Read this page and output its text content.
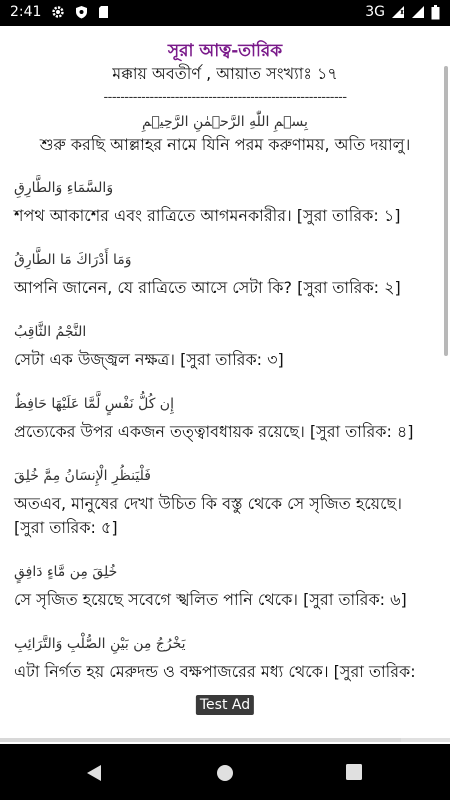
2:41	3G
সূরা আত্ব-তারিক
মক্কায় অবতীর্ণ , আয়াত সংখ্যাঃ ১৭
----------------------------------------------------------
بِسۡمِ اللّٰهِ الرَّحۡمٰنِ الرَّحِیۡمِ
শুরু করছি আল্লাহর নামে যিনি পরম করুণাময়, অতি দয়ালু।
وَالسَّمَاءِ وَالطَّارِقِ
শপথ আকাশের এবং রাত্রিতে আগমনকারীর। [সুরা তারিক: ১]
وَمَا أَدْرَاكَ مَا الطَّارِقُ
আপনি জানেন, যে রাত্রিতে আসে সেটা কি? [সুরা তারিক: ২]
النَّجْمُ الثَّاقِبُ
সেটা এক উজ্জ্বল নক্ষত্র। [সুরা তারিক: ৩]
إِن كُلُّ نَفْسٍ لَّمَّا عَلَيْهَا حَافِظٌ
প্রত্যেকের উপর একজন তত্ত্বাবধায়ক রয়েছে। [সুরা তারিক: ৪]
فَلْيَنظُرِ الْإِنسَانُ مِمَّ خُلِقَ
অতএব, মানুষের দেখা উচিত কি বস্তু থেকে সে সৃজিত হয়েছে। [সুরা তারিক: ৫]
خُلِقَ مِن مَّاءٍ دَافِقٍ
সে সৃজিত হয়েছে সবেগে স্খলিত পানি থেকে। [সুরা তারিক: ৬]
يَخْرُجُ مِن بَيْنِ الصُّلْبِ وَالتَّرَائِبِ
এটা নির্গত হয় মেরুদন্ড ও বক্ষপাজরের মধ্য থেকে। [সুরা তারিক:
Test Ad
